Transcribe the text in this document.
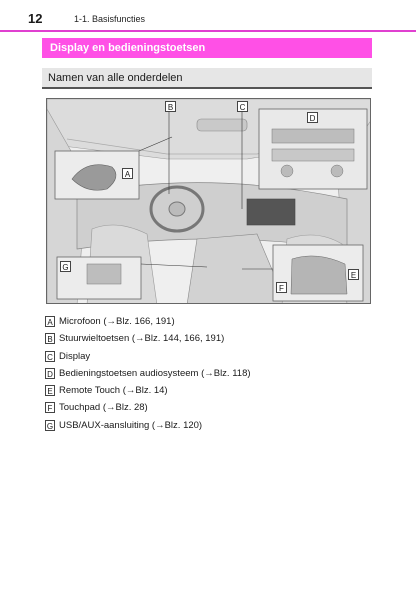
12	1-1. Basisfuncties
Display en bedieningstoetsen
Namen van alle onderdelen
A
B	C
D
E
F
G
A Microfoon (→Blz. 166, 191)
B Stuurwieltoetsen (→Blz. 144, 166, 191)
C Display
D Bedieningstoetsen audiosysteem (→Blz. 118)
E Remote Touch (→Blz. 14)
F Touchpad (→Blz. 28)
G USB/AUX-aansluiting (→Blz. 120)
